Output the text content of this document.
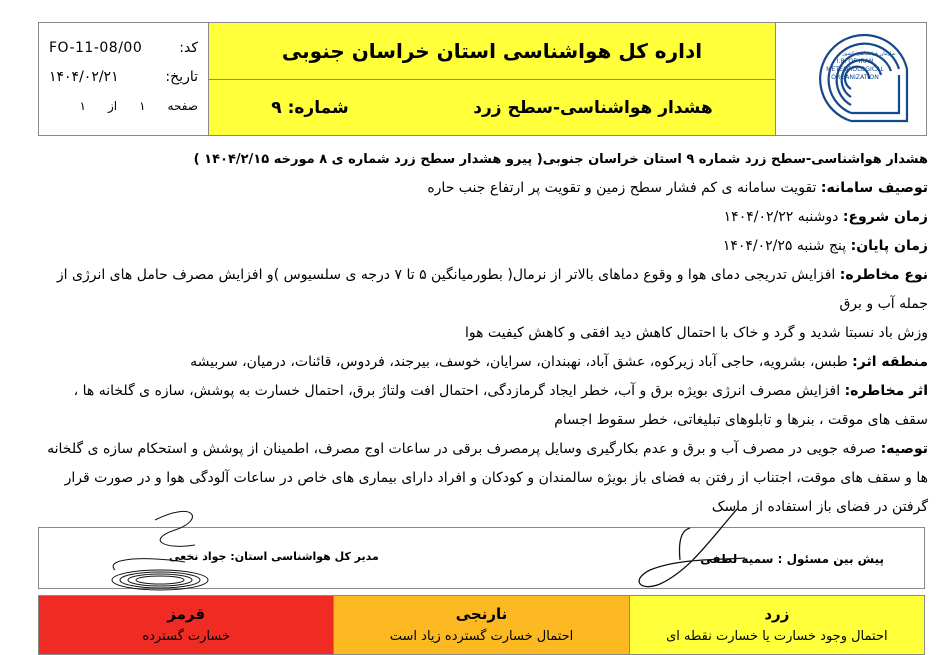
کد:
FO-11-08/00
تاریخ:
۱۴۰۴/۰۲/۲۱
صفحه
۱
از
۱
اداره کل هواشناسی استان خراسان جنوبی
هشدار هواشناسی-سطح زرد
شماره: ۹
سازمان هواشناسی کشور
I.R. OF IRAN
METEOROLOGICAL
ORGANIZATION

هشدار هواشناسی-سطح زرد شماره ۹ استان خراسان جنوبی( پیرو هشدار سطح زرد شماره ی ۸ مورخه ۱۴۰۴/۲/۱۵ )

توصیف سامانه: تقویت سامانه ی کم فشار سطح زمین و تقویت پر ارتفاع جنب حاره

زمان شروع: دوشنبه ۱۴۰۴/۰۲/۲۲

زمان پایان: پنج شنبه ۱۴۰۴/۰۲/۲۵

نوع مخاطره: افزایش تدریجی دمای هوا و وقوع دماهای بالاتر از نرمال( بطورمیانگین ۵ تا ۷ درجه ی سلسیوس )و افزایش مصرف حامل های انرژی از جمله آب و برق

وزش باد نسبتا شدید و گرد و خاک با احتمال کاهش دید افقی و کاهش کیفیت هوا

منطقه اثر: طبس، بشرویه، حاجی آباد زیرکوه، عشق آباد، نهبندان، سرایان، خوسف، بیرجند، فردوس، قائنات، درمیان، سربیشه

اثر مخاطره: افزایش مصرف انرژی بویژه برق و آب، خطر ایجاد گرمازدگی، احتمال افت ولتاژ برق، احتمال خسارت به پوشش، سازه ی گلخانه ها ، سقف های موقت ، بنرها و تابلوهای تبلیغاتی، خطر سقوط اجسام

توصیه: صرفه جویی در مصرف آب و برق و عدم بکارگیری وسایل پرمصرف برقی در ساعات اوج مصرف، اطمینان از پوشش و استحکام سازه ی گلخانه ها و سقف های موقت، اجتناب از رفتن به فضای باز بویژه سالمندان و کودکان و افراد دارای بیماری های خاص در ساعات آلودگی هوا و در صورت قرار گرفتن در فضای باز استفاده از ماسک

پیش بین مسئول : سمیه لطفی
مدیر کل هواشناسی استان: جواد نخعی
زرد
احتمال وجود خسارت یا خسارت نقطه ای
نارنجی
احتمال خسارت گسترده زیاد است
قرمز
خسارت گسترده
